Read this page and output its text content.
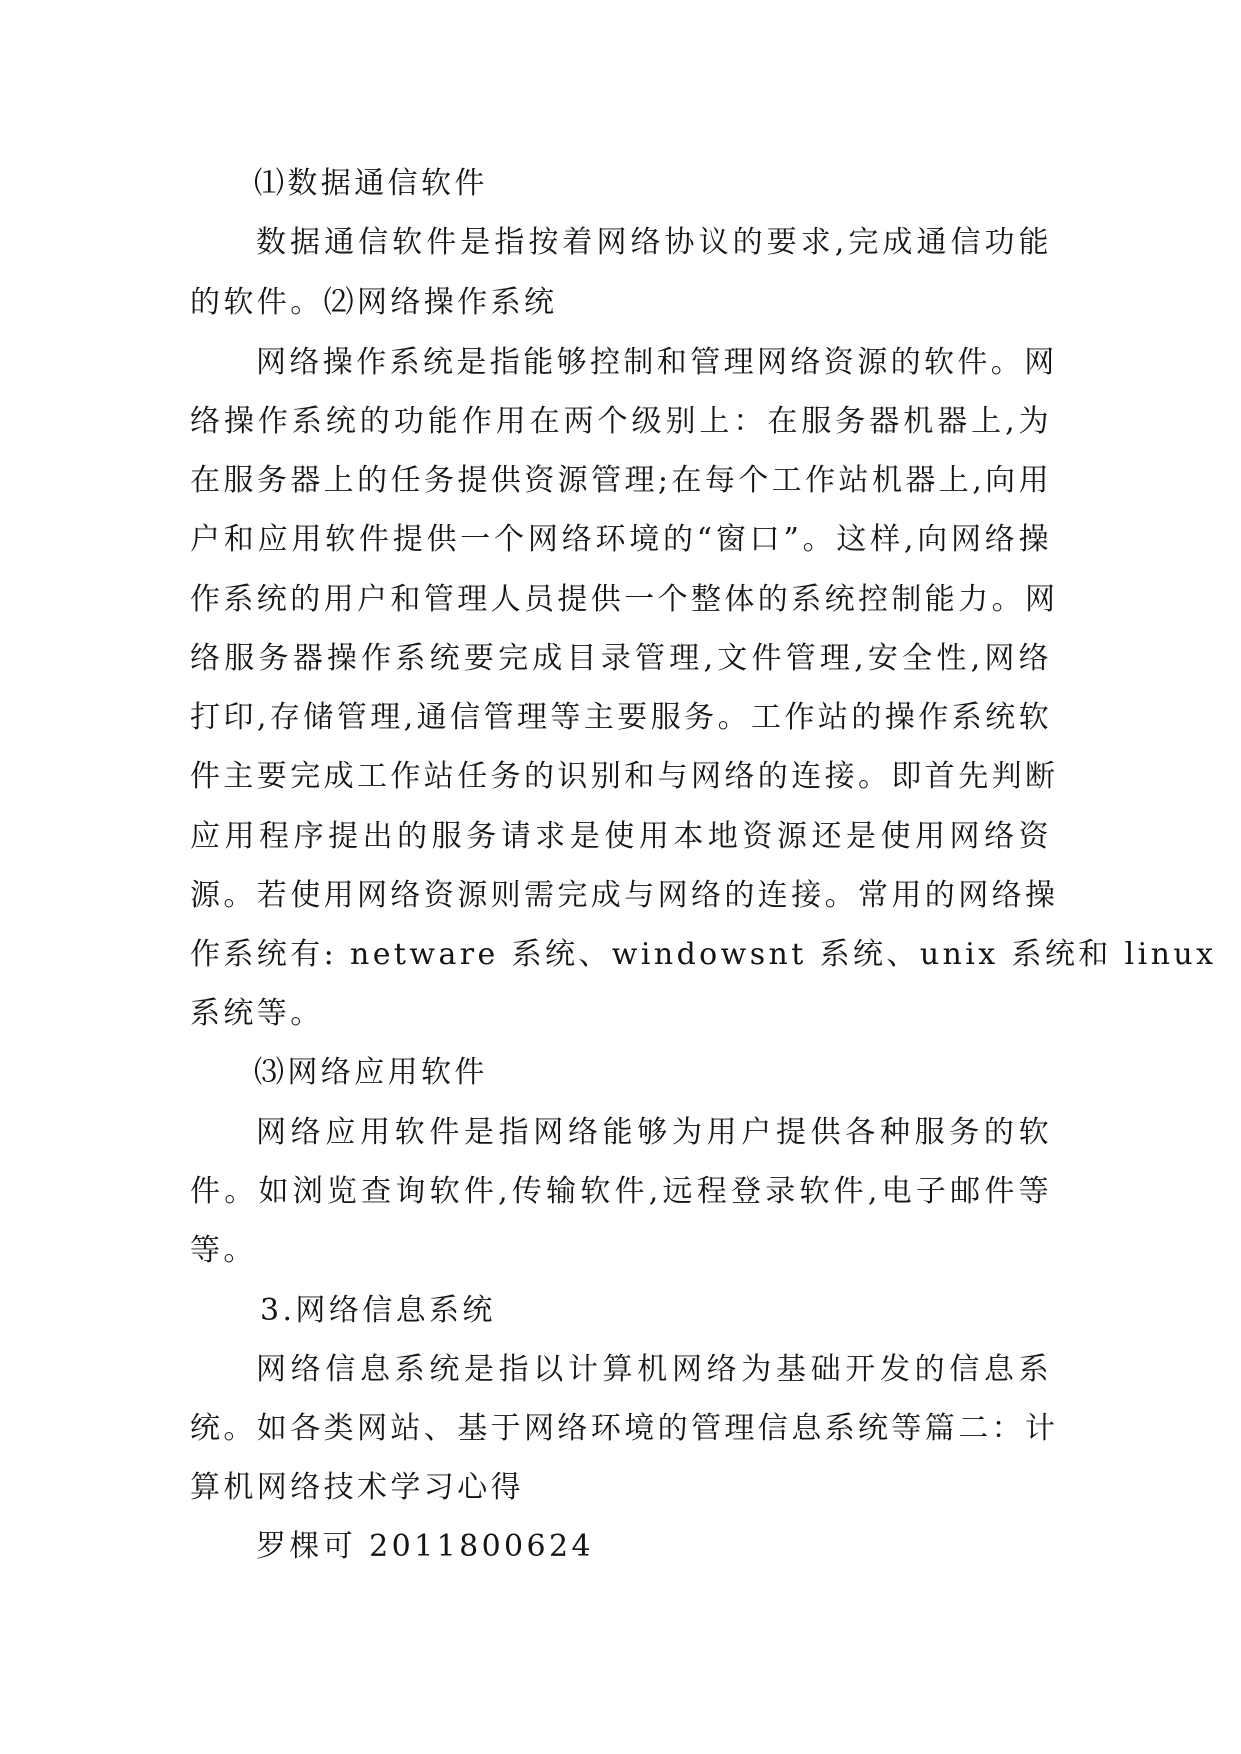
⑴数据通信软件
数据通信软件是指按着网络协议的要求,完成通信功能
的软件。⑵网络操作系统
网络操作系统是指能够控制和管理网络资源的软件。网
络操作系统的功能作用在两个级别上：在服务器机器上,为
在服务器上的任务提供资源管理;在每个工作站机器上,向用
户和应用软件提供一个网络环境的“窗口”。这样,向网络操
作系统的用户和管理人员提供一个整体的系统控制能力。网
络服务器操作系统要完成目录管理,文件管理,安全性,网络
打印,存储管理,通信管理等主要服务。工作站的操作系统软
件主要完成工作站任务的识别和与网络的连接。即首先判断
应用程序提出的服务请求是使用本地资源还是使用网络资
源。若使用网络资源则需完成与网络的连接。常用的网络操
作系统有: netware 系统、windowsnt 系统、unix 系统和 linux
系统等。
⑶网络应用软件
网络应用软件是指网络能够为用户提供各种服务的软
件。如浏览查询软件,传输软件,远程登录软件,电子邮件等
等。
3.网络信息系统
网络信息系统是指以计算机网络为基础开发的信息系
统。如各类网站、基于网络环境的管理信息系统等篇二：计
算机网络技术学习心得
罗棵可 2011800624
